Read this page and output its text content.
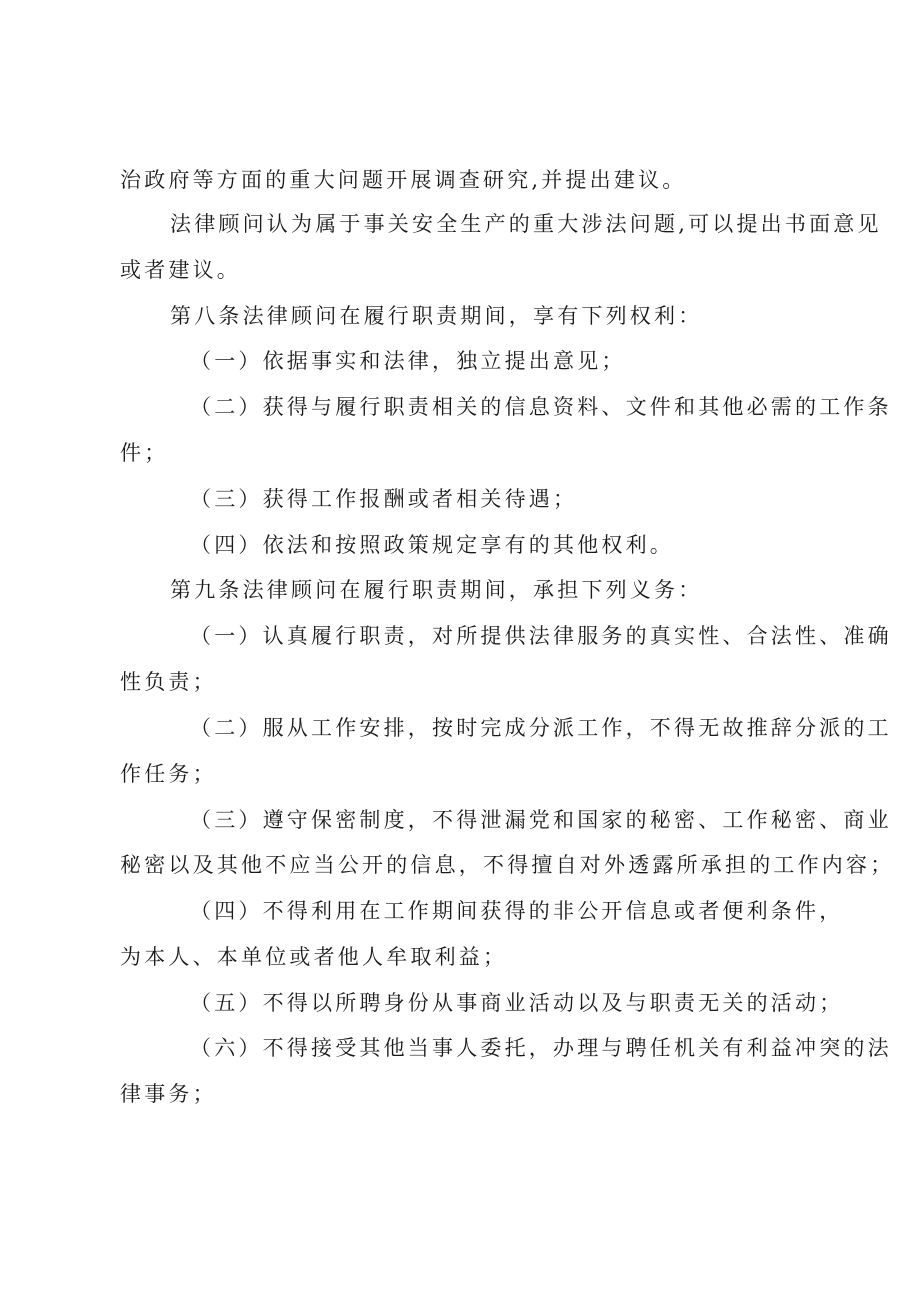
治政府等方面的重大问题开展调查研究,并提出建议。
法律顾问认为属于事关安全生产的重大涉法问题,可以提出书面意见
或者建议。
第八条法律顾问在履行职责期间，享有下列权利：
（一）依据事实和法律，独立提出意见；
（二）获得与履行职责相关的信息资料、文件和其他必需的工作条
件；
（三）获得工作报酬或者相关待遇；
（四）依法和按照政策规定享有的其他权利。
第九条法律顾问在履行职责期间，承担下列义务：
（一）认真履行职责，对所提供法律服务的真实性、合法性、准确
性负责；
（二）服从工作安排，按时完成分派工作，不得无故推辞分派的工
作任务；
（三）遵守保密制度，不得泄漏党和国家的秘密、工作秘密、商业
秘密以及其他不应当公开的信息，不得擅自对外透露所承担的工作内容；
（四）不得利用在工作期间获得的非公开信息或者便利条件，
为本人、本单位或者他人牟取利益；
（五）不得以所聘身份从事商业活动以及与职责无关的活动；
（六）不得接受其他当事人委托，办理与聘任机关有利益冲突的法
律事务；
